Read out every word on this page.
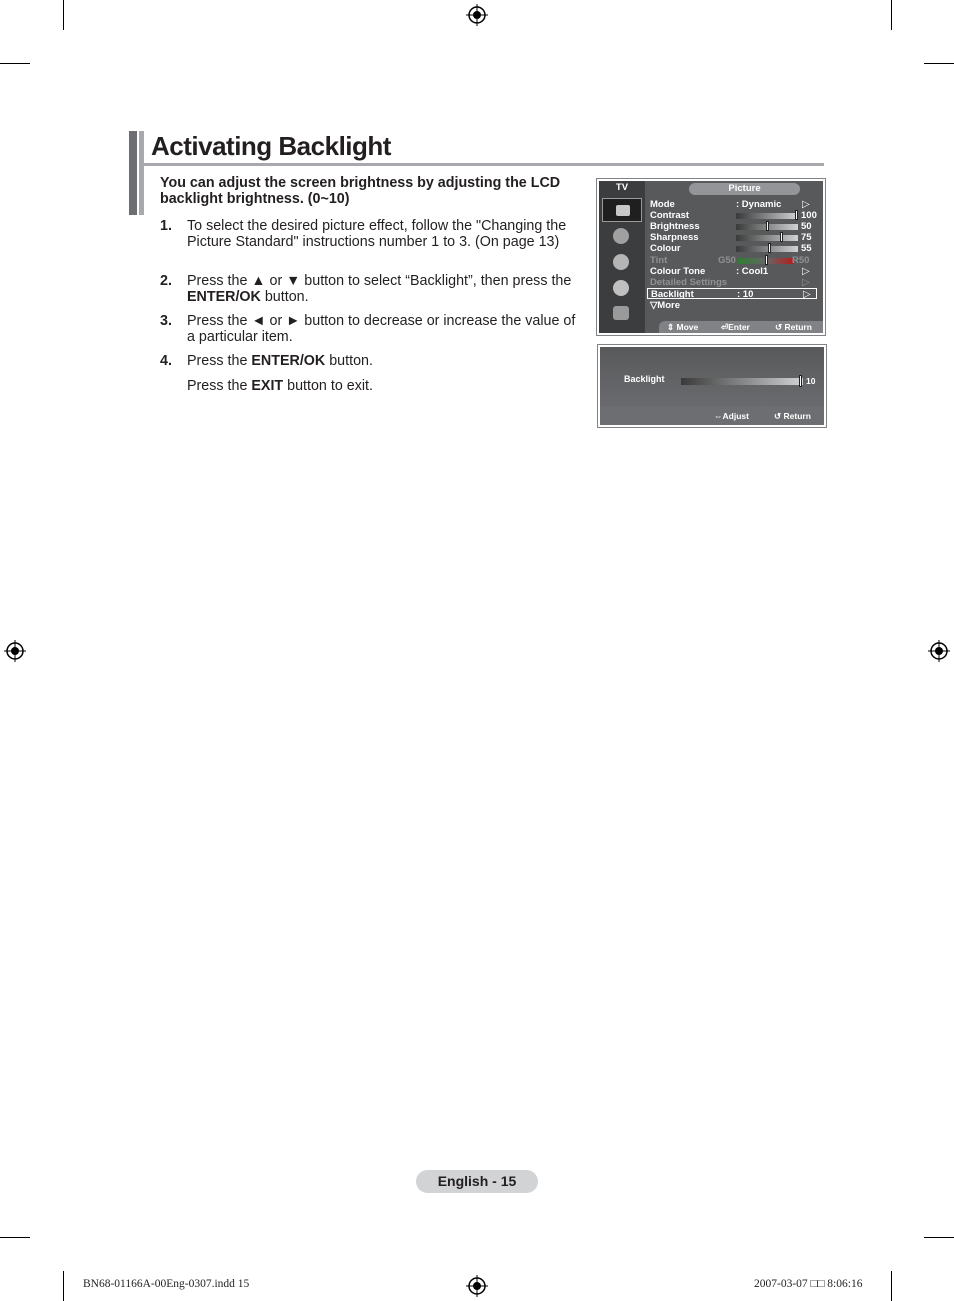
Activating Backlight
You can adjust the screen brightness by adjusting the LCD backlight brightness. (0~10)
1. To select the desired picture effect, follow the "Changing the Picture Standard" instructions number 1 to 3. (On page 13)
2. Press the ▲ or ▼ button to select “Backlight”, then press the ENTER/OK button.
3. Press the ◄ or ► button to decrease or increase the value of a particular item.
4. Press the ENTER/OK button.
Press the EXIT button to exit.
TV	Picture
Mode	: Dynamic ▷
Contrast	100
Brightness	50
Sharpness	75
Colour	55
Tint	G50	R50
Colour Tone	: Cool1	▷
Detailed Settings	▷
Backlight	: 10	▷
▽More
⇕ Move	⏎Enter	↺ Return
Backlight	10
⇔Adjust	↺ Return
English - 15
BN68-01166A-00Eng-0307.indd 15	2007-03-07 □□ 8:06:16
